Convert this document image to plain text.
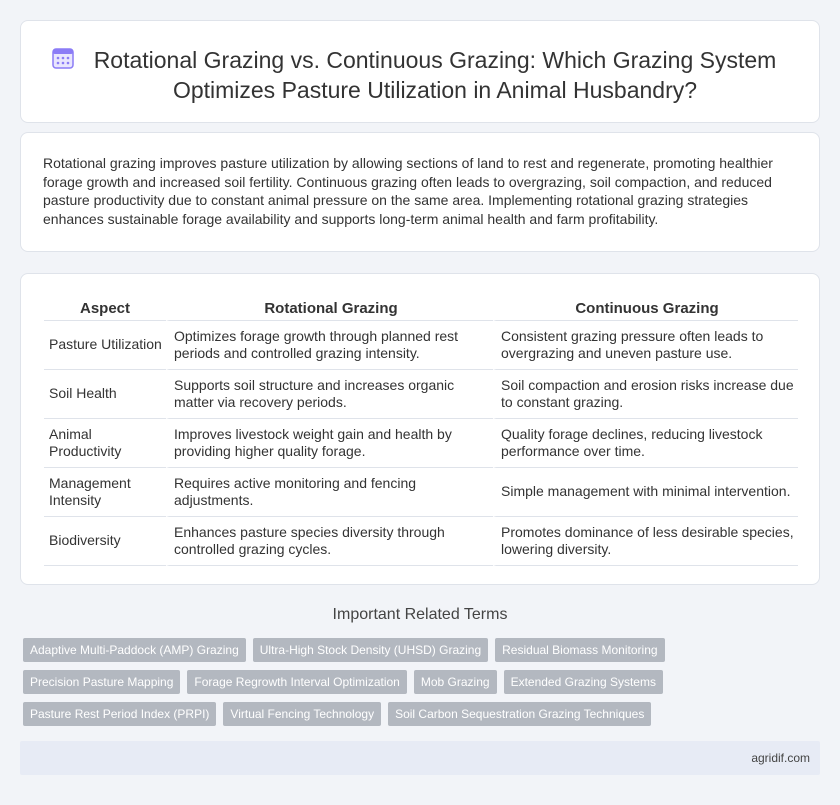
Rotational Grazing vs. Continuous Grazing: Which Grazing System Optimizes Pasture Utilization in Animal Husbandry?

Rotational grazing improves pasture utilization by allowing sections of land to rest and regenerate, promoting healthier forage growth and increased soil fertility. Continuous grazing often leads to overgrazing, soil compaction, and reduced pasture productivity due to constant animal pressure on the same area. Implementing rotational grazing strategies enhances sustainable forage availability and supports long-term animal health and farm profitability.

Aspect	Rotational Grazing	Continuous Grazing
Pasture Utilization	Optimizes forage growth through planned rest periods and controlled grazing intensity.	Consistent grazing pressure often leads to overgrazing and uneven pasture use.
Soil Health	Supports soil structure and increases organic matter via recovery periods.	Soil compaction and erosion risks increase due to constant grazing.
Animal Productivity	Improves livestock weight gain and health by providing higher quality forage.	Quality forage declines, reducing livestock performance over time.
Management Intensity	Requires active monitoring and fencing adjustments.	Simple management with minimal intervention.
Biodiversity	Enhances pasture species diversity through controlled grazing cycles.	Promotes dominance of less desirable species, lowering diversity.
Important Related Terms
Adaptive Multi-Paddock (AMP) Grazing	Ultra-High Stock Density (UHSD) Grazing	Residual Biomass Monitoring
Precision Pasture Mapping	Forage Regrowth Interval Optimization	Mob Grazing	Extended Grazing Systems
Pasture Rest Period Index (PRPI)	Virtual Fencing Technology	Soil Carbon Sequestration Grazing Techniques
agridif.com
